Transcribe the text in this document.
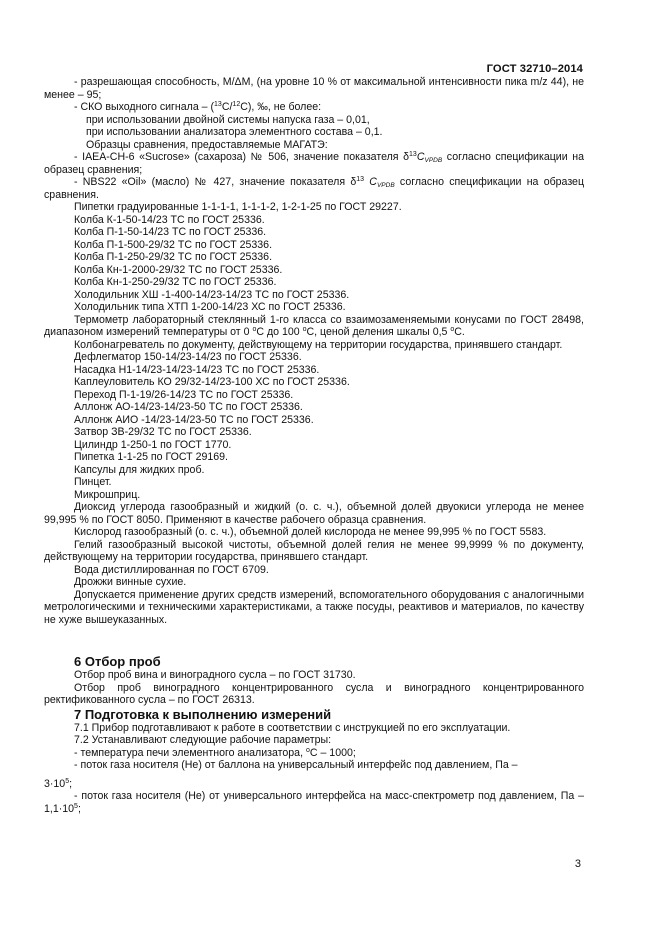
ГОСТ 32710–2014

- разрешающая способность, M/ΔM, (на уровне 10 % от максимальной интенсивности пика m/z 44), не менее – 95;

- СКО выходного сигнала – ($^{13}$C/$^{12}$C), ‰, не более:

при использовании двойной системы напуска газа – 0,01,

при использовании анализатора элементного состава – 0,1.

Образцы сравнения, предоставляемые МАГАТЭ:

- IAEA-CH-6 «Sucrose» (сахароза) № 506, значение показателя $\delta^{13}C_{VPDB}$ согласно спецификации на образец сравнения;

- NBS22 «Oil» (масло) № 427, значение показателя $\delta^{13}$ $C_{VPDB}$ согласно спецификации на образец сравнения.

Пипетки градуированные 1-1-1-1, 1-1-1-2, 1-2-1-25 по ГОСТ 29227.

Колба К-1-50-14/23 ТС по ГОСТ 25336.

Колба П-1-50-14/23 ТС по ГОСТ 25336.

Колба П-1-500-29/32 ТС по ГОСТ 25336.

Колба П-1-250-29/32 ТС по ГОСТ 25336.

Колба Кн-1-2000-29/32 ТС по ГОСТ 25336.

Колба Кн-1-250-29/32 ТС по ГОСТ 25336.

Холодильник ХШ -1-400-14/23-14/23 ТС по ГОСТ 25336.

Холодильник типа ХТП 1-200-14/23 ХС по ГОСТ 25336.

Термометр лабораторный стеклянный 1-го класса со взаимозаменяемыми конусами по ГОСТ 28498, диапазоном измерений температуры от 0 $^о$С до 100 $^о$С, ценой деления шкалы 0,5 $^о$С.

Колбонагреватель по документу, действующему на территории государства, принявшего стандарт.

Дефлегматор 150-14/23-14/23 по ГОСТ 25336.

Насадка Н1-14/23-14/23-14/23 ТС по ГОСТ 25336.

Каплеуловитель КО 29/32-14/23-100 ХС по ГОСТ 25336.

Переход П-1-19/26-14/23 ТС по ГОСТ 25336.

Аллонж АО-14/23-14/23-50 ТС по ГОСТ 25336.

Аллонж АИО -14/23-14/23-50 ТС по ГОСТ 25336.

Затвор ЗВ-29/32 ТС по ГОСТ 25336.

Цилиндр 1-250-1 по ГОСТ 1770.

Пипетка 1-1-25 по ГОСТ 29169.

Капсулы для жидких проб.

Пинцет.

Микрошприц.

Диоксид углерода газообразный и жидкий (о. с. ч.), объемной долей двуокиси углерода не менее 99,995 % по ГОСТ 8050. Применяют в качестве рабочего образца сравнения.

Кислород газообразный (о. с. ч.), объемной долей кислорода не менее 99,995 % по ГОСТ 5583.

Гелий газообразный высокой чистоты, объемной долей гелия не менее 99,9999 % по документу, действующему на территории государства, принявшего стандарт.

Вода дистиллированная по ГОСТ 6709.

Дрожжи винные сухие.

Допускается применение других средств измерений, вспомогательного оборудования с аналогичными метрологическими и техническими характеристиками, а также посуды, реактивов и материалов, по качеству не хуже вышеуказанных.

6 Отбор проб

Отбор проб вина и виноградного сусла – по ГОСТ 31730.

Отбор проб виноградного концентрированного сусла и виноградного концентрированного ректификованного сусла – по ГОСТ 26313.

7 Подготовка к выполнению измерений

7.1 Прибор подготавливают к работе в соответствии с инструкцией по его эксплуатации.

7.2 Устанавливают следующие рабочие параметры:

- температура печи элементного анализатора, $^о$С – 1000;

- поток газа носителя (Не) от баллона на универсальный интерфейс под давлением, Па –

$3\cdot 10^5$;

- поток газа носителя (Не) от универсального интерфейса на масс-спектрометр под давлением, Па – $1,1\cdot 10^5$;

3
